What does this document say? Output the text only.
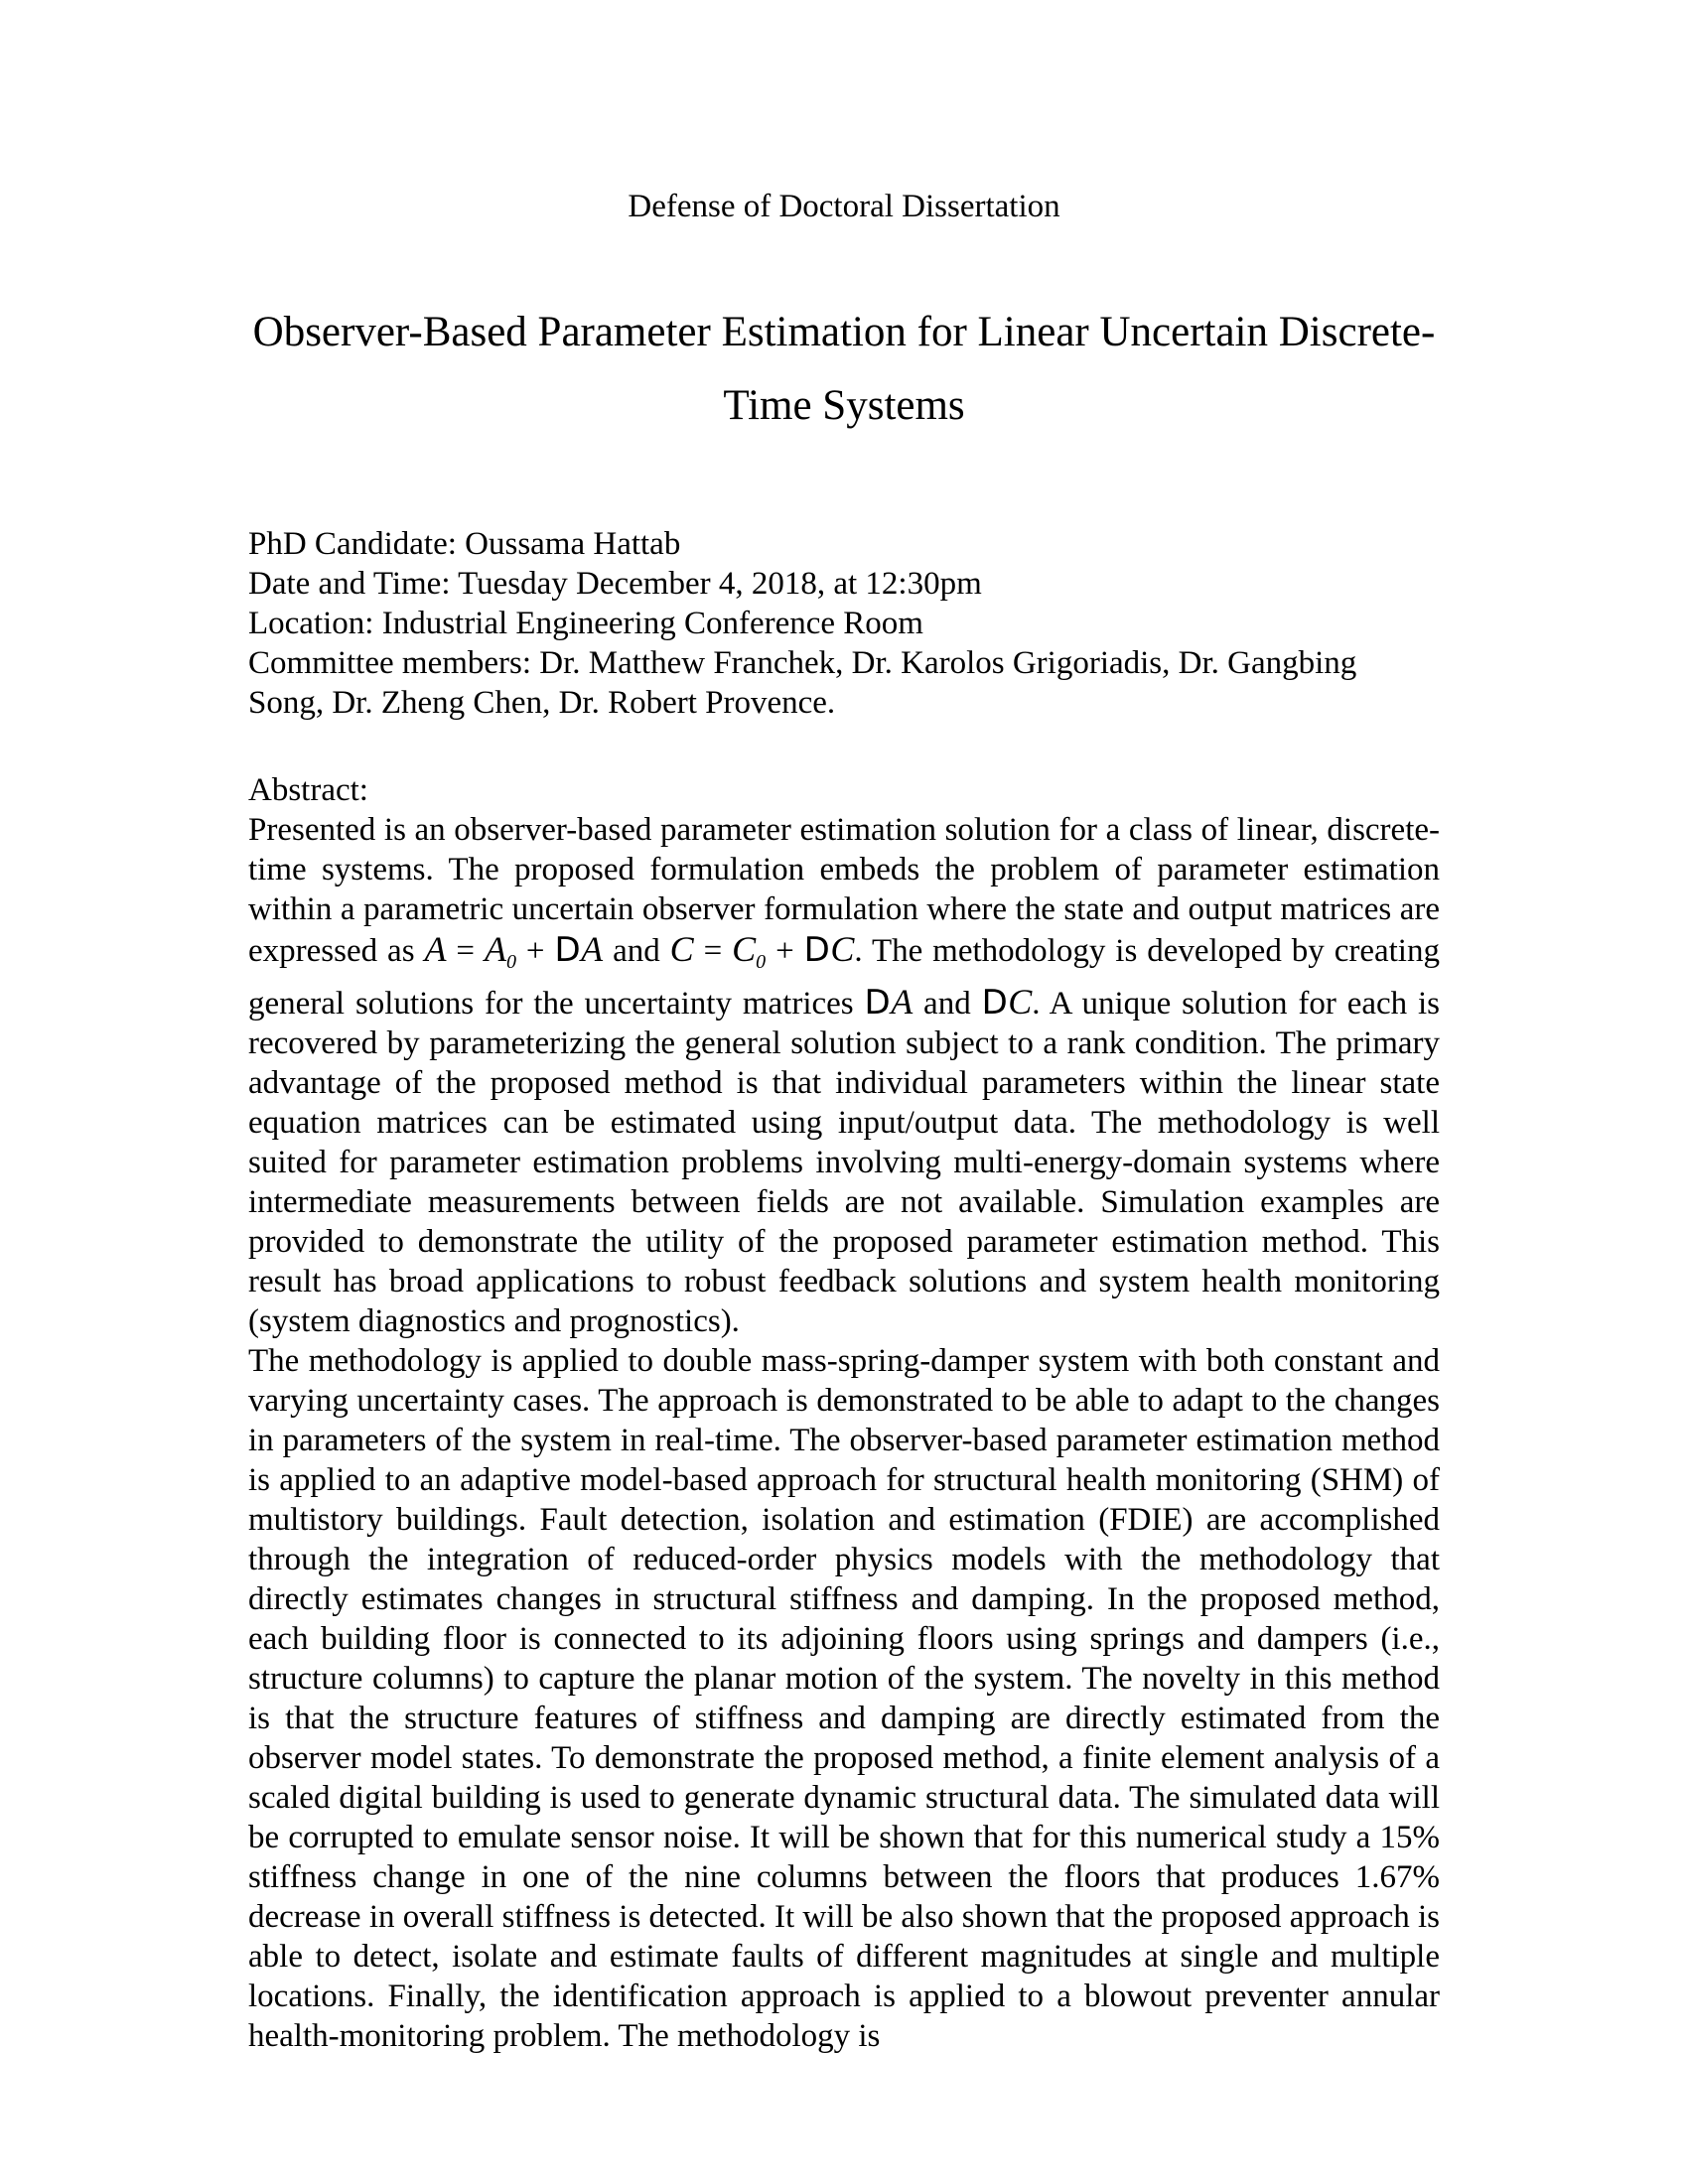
Defense of Doctoral Dissertation
Observer-Based Parameter Estimation for Linear Uncertain Discrete-Time Systems

PhD Candidate: Oussama Hattab

Date and Time: Tuesday December 4, 2018, at 12:30pm

Location: Industrial Engineering Conference Room

Committee members: Dr. Matthew Franchek, Dr. Karolos Grigoriadis, Dr. Gangbing Song, Dr. Zheng Chen, Dr. Robert Provence.

Abstract:

Presented is an observer-based parameter estimation solution for a class of linear, discrete-time systems. The proposed formulation embeds the problem of parameter estimation within a parametric uncertain observer formulation where the state and output matrices are expressed as $A = A_0$ + DA and $C = C_0$ + DC. The methodology is developed by creating general solutions for the uncertainty matrices DA and DC. A unique solution for each is recovered by parameterizing the general solution subject to a rank condition. The primary advantage of the proposed method is that individual parameters within the linear state equation matrices can be estimated using input/output data. The methodology is well suited for parameter estimation problems involving multi-energy-domain systems where intermediate measurements between fields are not available. Simulation examples are provided to demonstrate the utility of the proposed parameter estimation method. This result has broad applications to robust feedback solutions and system health monitoring (system diagnostics and prognostics).

The methodology is applied to double mass-spring-damper system with both constant and varying uncertainty cases. The approach is demonstrated to be able to adapt to the changes in parameters of the system in real-time. The observer-based parameter estimation method is applied to an adaptive model-based approach for structural health monitoring (SHM) of multistory buildings. Fault detection, isolation and estimation (FDIE) are accomplished through the integration of reduced-order physics models with the methodology that directly estimates changes in structural stiffness and damping. In the proposed method, each building floor is connected to its adjoining floors using springs and dampers (i.e., structure columns) to capture the planar motion of the system. The novelty in this method is that the structure features of stiffness and damping are directly estimated from the observer model states. To demonstrate the proposed method, a finite element analysis of a scaled digital building is used to generate dynamic structural data. The simulated data will be corrupted to emulate sensor noise. It will be shown that for this numerical study a 15% stiffness change in one of the nine columns between the floors that produces 1.67% decrease in overall stiffness is detected. It will be also shown that the proposed approach is able to detect, isolate and estimate faults of different magnitudes at single and multiple locations. Finally, the identification approach is applied to a blowout preventer annular health-monitoring problem. The methodology is
